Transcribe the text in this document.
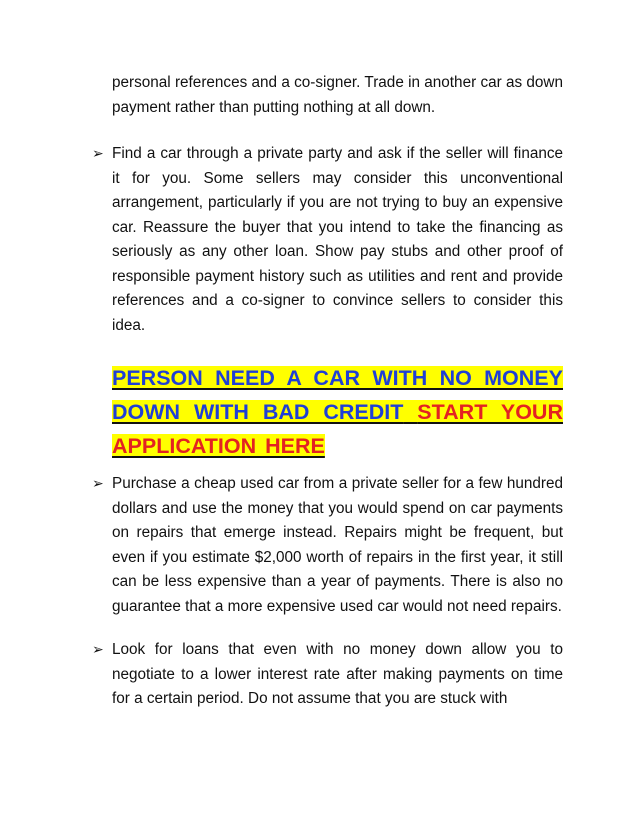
personal references and a co-signer. Trade in another car as down payment rather than putting nothing at all down.

➢ Find a car through a private party and ask if the seller will finance it for you. Some sellers may consider this unconventional arrangement, particularly if you are not trying to buy an expensive car. Reassure the buyer that you intend to take the financing as seriously as any other loan. Show pay stubs and other proof of responsible payment history such as utilities and rent and provide references and a co-signer to convince sellers to consider this idea.

PERSON NEED A CAR WITH NO MONEY DOWN WITH BAD CREDIT START YOUR APPLICATION HERE

➢ Purchase a cheap used car from a private seller for a few hundred dollars and use the money that you would spend on car payments on repairs that emerge instead. Repairs might be frequent, but even if you estimate $2,000 worth of repairs in the first year, it still can be less expensive than a year of payments. There is also no guarantee that a more expensive used car would not need repairs.
➢ Look for loans that even with no money down allow you to negotiate to a lower interest rate after making payments on time for a certain period. Do not assume that you are stuck with
